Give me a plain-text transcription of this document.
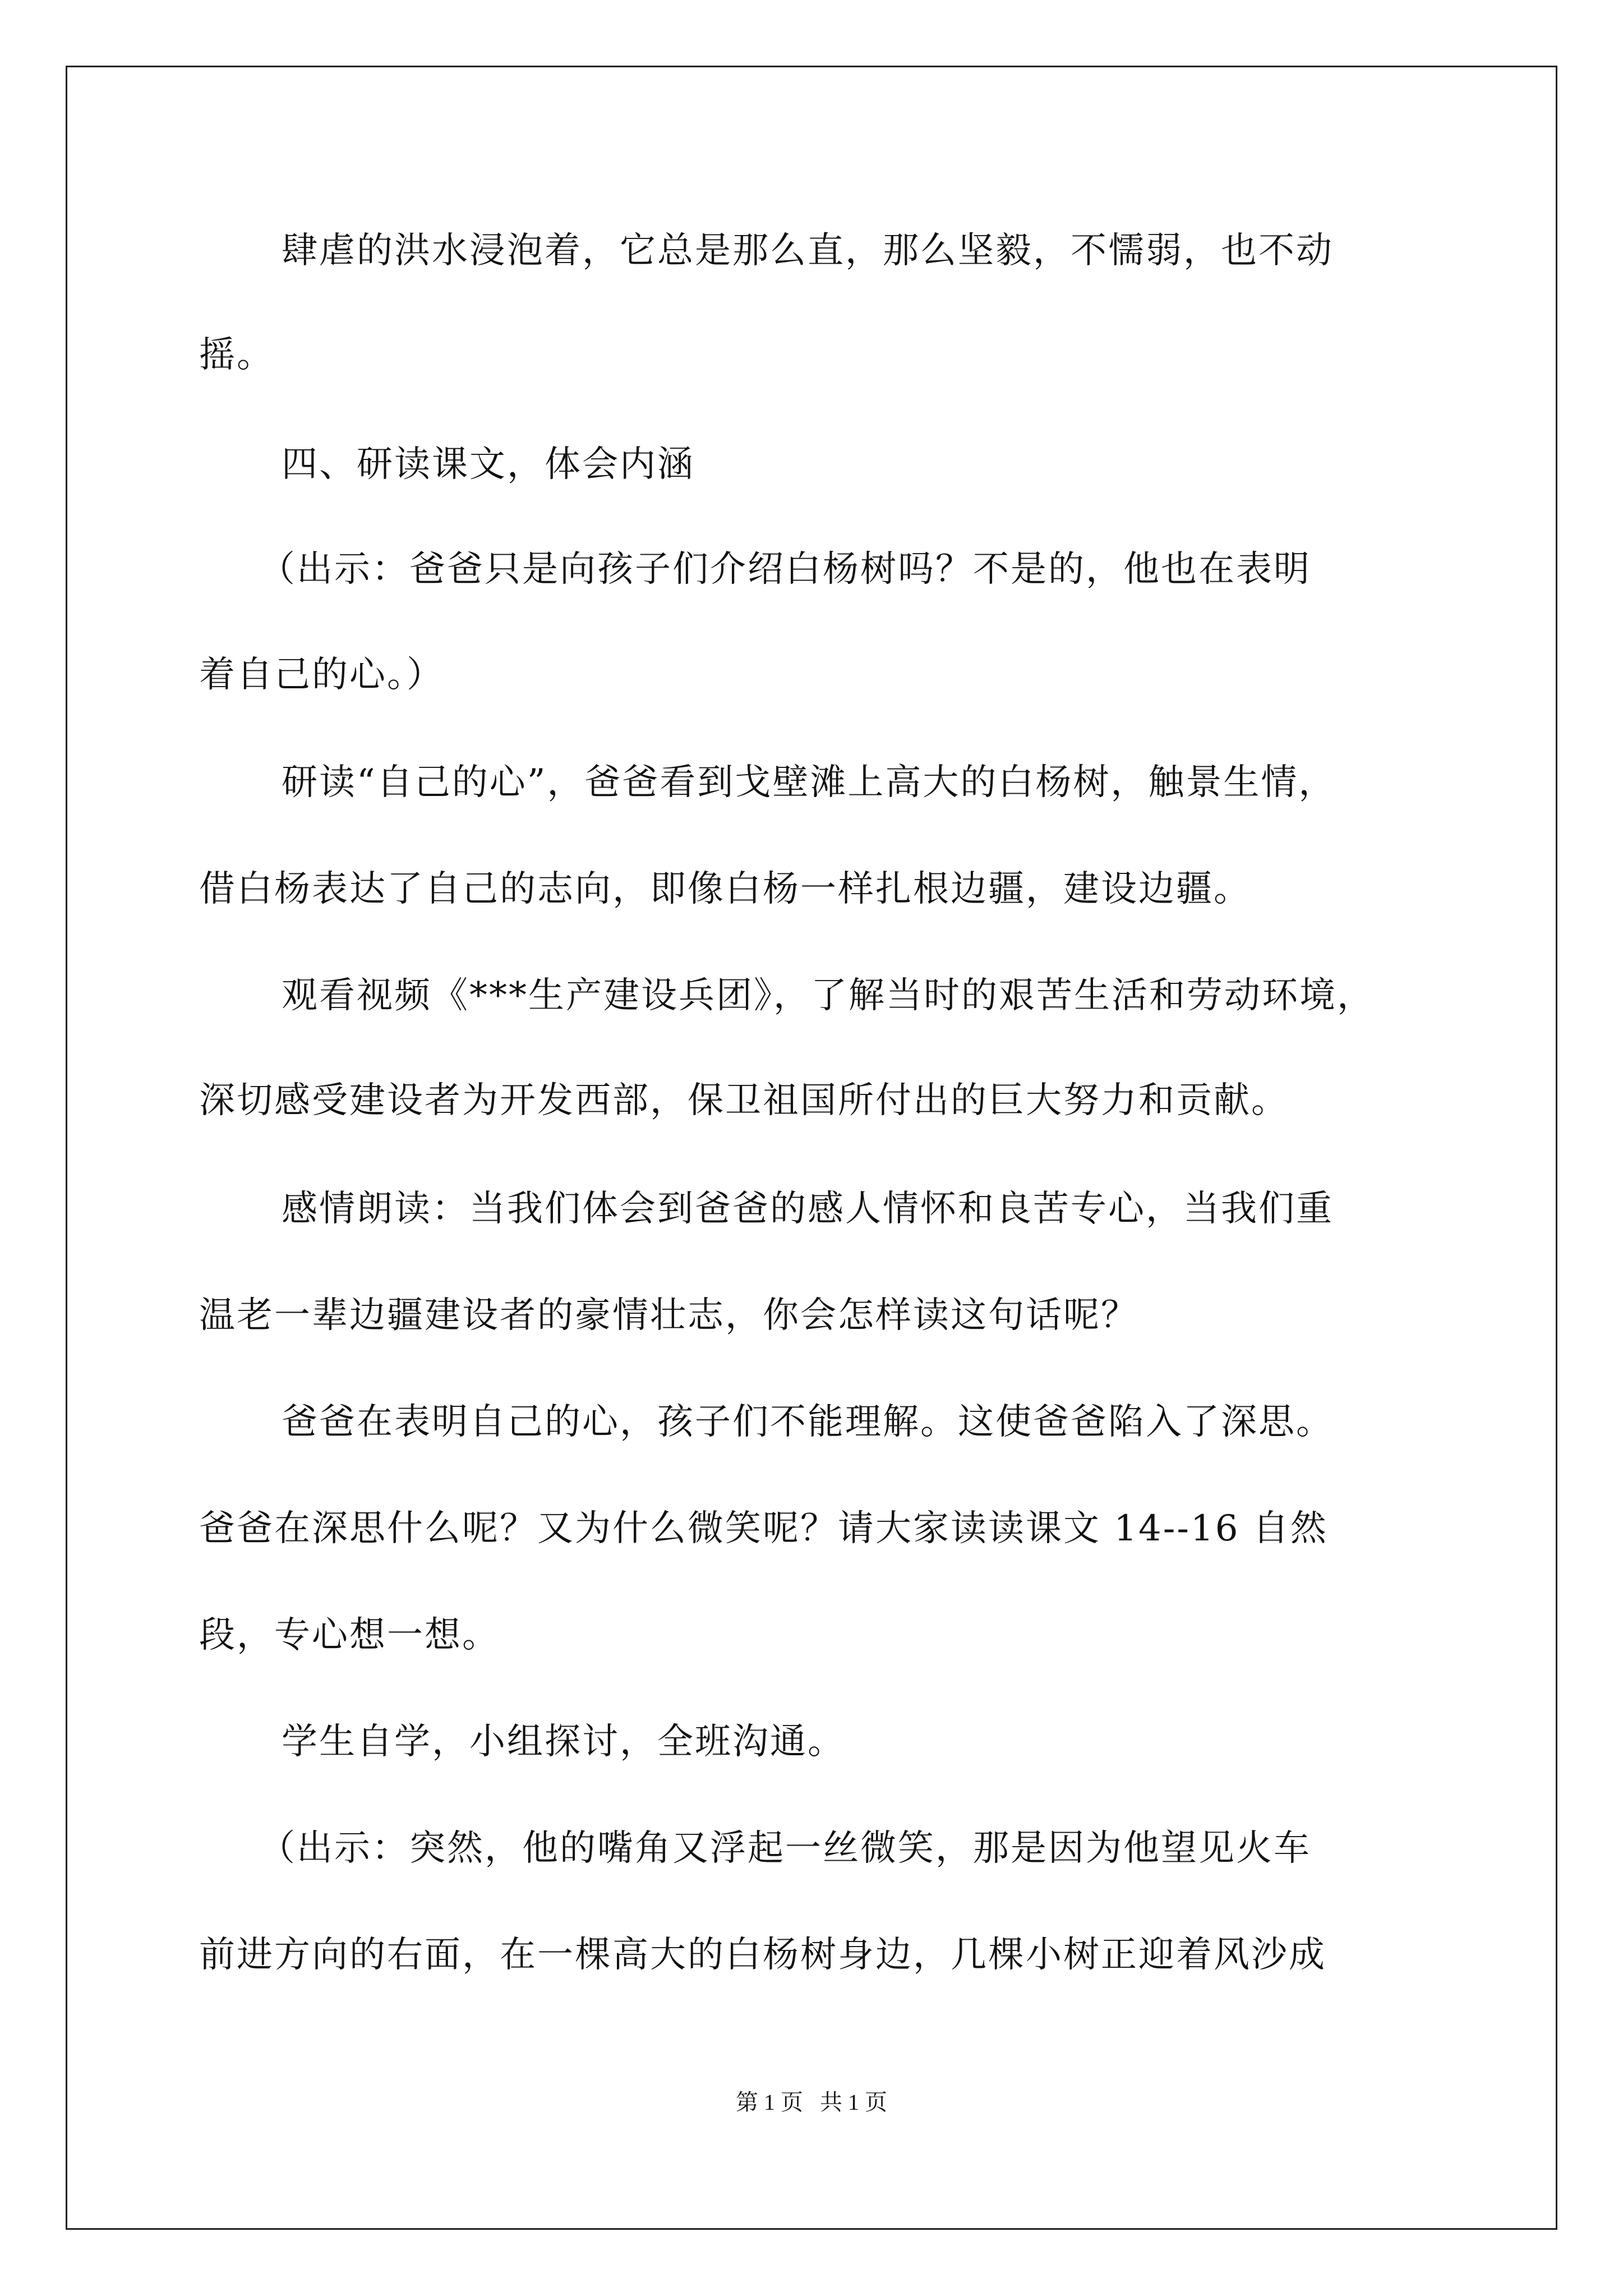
肆虐的洪水浸泡着，它总是那么直，那么坚毅，不懦弱，也不动
摇。
四、研读课文，体会内涵
（出示：爸爸只是向孩子们介绍白杨树吗？不是的，他也在表明
着自己的心。）
研读“自己的心”，爸爸看到戈壁滩上高大的白杨树，触景生情，
借白杨表达了自己的志向，即像白杨一样扎根边疆，建设边疆。
观看视频《***生产建设兵团》，了解当时的艰苦生活和劳动环境，
深切感受建设者为开发西部，保卫祖国所付出的巨大努力和贡献。
感情朗读：当我们体会到爸爸的感人情怀和良苦专心，当我们重
温老一辈边疆建设者的豪情壮志，你会怎样读这句话呢？
爸爸在表明自己的心，孩子们不能理解。这使爸爸陷入了深思。
爸爸在深思什么呢？又为什么微笑呢？请大家读读课文 14--16 自然
段，专心想一想。
学生自学，小组探讨，全班沟通。
（出示：突然，他的嘴角又浮起一丝微笑，那是因为他望见火车
前进方向的右面，在一棵高大的白杨树身边，几棵小树正迎着风沙成
第 1 页   共 1 页
